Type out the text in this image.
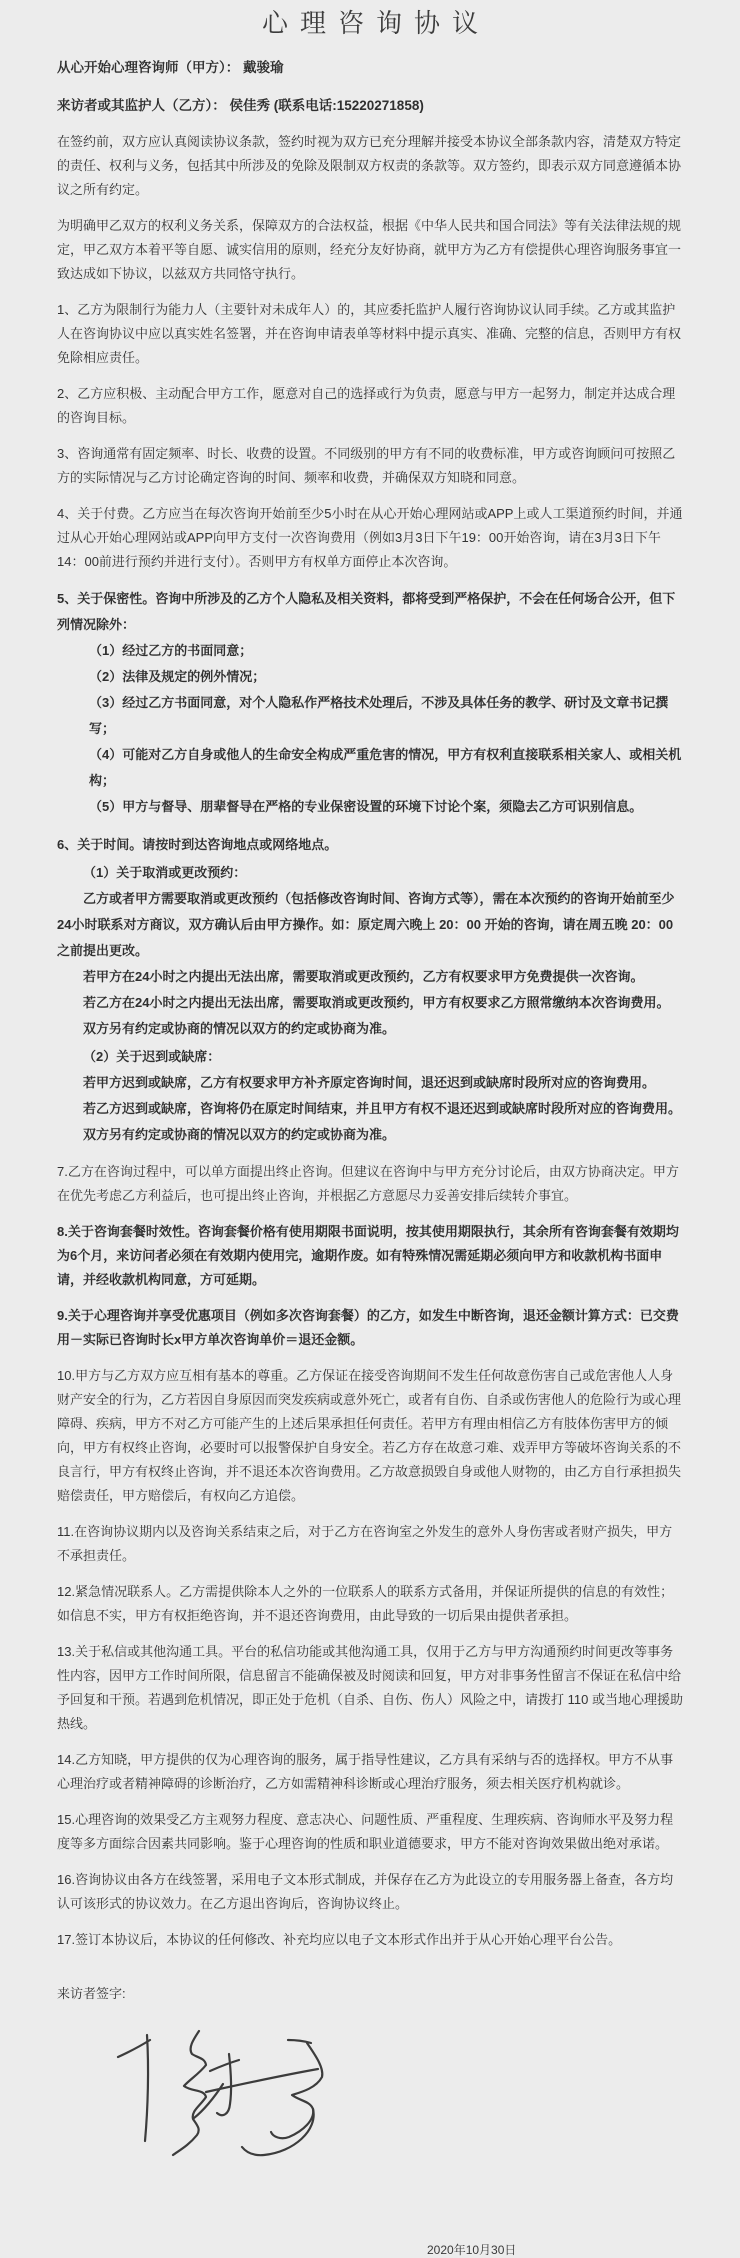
心理咨询协议

从心开始心理咨询师（甲方）： 戴骏瑜

来访者或其监护人（乙方）： 侯佳秀 (联系电话:15220271858)

在签约前，双方应认真阅读协议条款，签约时视为双方已充分理解并接受本协议全部条款内容，清楚双方特定的责任、权利与义务，包括其中所涉及的免除及限制双方权责的条款等。双方签约，即表示双方同意遵循本协议之所有约定。

为明确甲乙双方的权利义务关系，保障双方的合法权益，根据《中华人民共和国合同法》等有关法律法规的规定，甲乙双方本着平等自愿、诚实信用的原则，经充分友好协商，就甲方为乙方有偿提供心理咨询服务事宜一致达成如下协议，以兹双方共同恪守执行。

1、乙方为限制行为能力人（主要针对未成年人）的，其应委托监护人履行咨询协议认同手续。乙方或其监护人在咨询协议中应以真实姓名签署，并在咨询申请表单等材料中提示真实、准确、完整的信息，否则甲方有权免除相应责任。

2、乙方应积极、主动配合甲方工作，愿意对自己的选择或行为负责，愿意与甲方一起努力，制定并达成合理的咨询目标。

3、咨询通常有固定频率、时长、收费的设置。不同级别的甲方有不同的收费标准，甲方或咨询顾问可按照乙方的实际情况与乙方讨论确定咨询的时间、频率和收费，并确保双方知晓和同意。

4、关于付费。乙方应当在每次咨询开始前至少5小时在从心开始心理网站或APP上或人工渠道预约时间，并通过从心开始心理网站或APP向甲方支付一次咨询费用（例如3月3日下午19：00开始咨询，请在3月3日下午14：00前进行预约并进行支付）。否则甲方有权单方面停止本次咨询。

5、关于保密性。咨询中所涉及的乙方个人隐私及相关资料，都将受到严格保护，不会在任何场合公开，但下列情况除外：

（1）经过乙方的书面同意；
（2）法律及规定的例外情况；
（3）经过乙方书面同意，对个人隐私作严格技术处理后，不涉及具体任务的教学、研讨及文章书记撰写；
（4）可能对乙方自身或他人的生命安全构成严重危害的情况，甲方有权利直接联系相关家人、或相关机构；
（5）甲方与督导、朋辈督导在严格的专业保密设置的环境下讨论个案，须隐去乙方可识别信息。

6、关于时间。请按时到达咨询地点或网络地点。

（1）关于取消或更改预约：

乙方或者甲方需要取消或更改预约（包括修改咨询时间、咨询方式等），需在本次预约的咨询开始前至少24小时联系对方商议，双方确认后由甲方操作。如：原定周六晚上 20：00 开始的咨询，请在周五晚 20：00 之前提出更改。

若甲方在24小时之内提出无法出席，需要取消或更改预约，乙方有权要求甲方免费提供一次咨询。

若乙方在24小时之内提出无法出席，需要取消或更改预约，甲方有权要求乙方照常缴纳本次咨询费用。

双方另有约定或协商的情况以双方的约定或协商为准。

（2）关于迟到或缺席：

若甲方迟到或缺席，乙方有权要求甲方补齐原定咨询时间，退还迟到或缺席时段所对应的咨询费用。

若乙方迟到或缺席，咨询将仍在原定时间结束，并且甲方有权不退还迟到或缺席时段所对应的咨询费用。

双方另有约定或协商的情况以双方的约定或协商为准。

7.乙方在咨询过程中，可以单方面提出终止咨询。但建议在咨询中与甲方充分讨论后，由双方协商决定。甲方在优先考虑乙方利益后，也可提出终止咨询，并根据乙方意愿尽力妥善安排后续转介事宜。

8.关于咨询套餐时效性。咨询套餐价格有使用期限书面说明，按其使用期限执行，其余所有咨询套餐有效期均为6个月，来访问者必须在有效期内使用完，逾期作废。如有特殊情况需延期必须向甲方和收款机构书面申请，并经收款机构同意，方可延期。

9.关于心理咨询并享受优惠项目（例如多次咨询套餐）的乙方，如发生中断咨询，退还金额计算方式：已交费用－实际已咨询时长x甲方单次咨询单价＝退还金额。

10.甲方与乙方双方应互相有基本的尊重。乙方保证在接受咨询期间不发生任何故意伤害自己或危害他人人身财产安全的行为，乙方若因自身原因而突发疾病或意外死亡，或者有自伤、自杀或伤害他人的危险行为或心理障碍、疾病，甲方不对乙方可能产生的上述后果承担任何责任。若甲方有理由相信乙方有肢体伤害甲方的倾向，甲方有权终止咨询，必要时可以报警保护自身安全。若乙方存在故意刁难、戏弄甲方等破坏咨询关系的不良言行，甲方有权终止咨询，并不退还本次咨询费用。乙方故意损毁自身或他人财物的，由乙方自行承担损失赔偿责任，甲方赔偿后，有权向乙方追偿。

11.在咨询协议期内以及咨询关系结束之后，对于乙方在咨询室之外发生的意外人身伤害或者财产损失，甲方不承担责任。

12.紧急情况联系人。乙方需提供除本人之外的一位联系人的联系方式备用，并保证所提供的信息的有效性；如信息不实，甲方有权拒绝咨询，并不退还咨询费用，由此导致的一切后果由提供者承担。

13.关于私信或其他沟通工具。平台的私信功能或其他沟通工具，仅用于乙方与甲方沟通预约时间更改等事务性内容，因甲方工作时间所限，信息留言不能确保被及时阅读和回复，甲方对非事务性留言不保证在私信中给予回复和干预。若遇到危机情况，即正处于危机（自杀、自伤、伤人）风险之中，请拨打 110 或当地心理援助热线。

14.乙方知晓，甲方提供的仅为心理咨询的服务，属于指导性建议，乙方具有采纳与否的选择权。甲方不从事心理治疗或者精神障碍的诊断治疗，乙方如需精神科诊断或心理治疗服务，须去相关医疗机构就诊。

15.心理咨询的效果受乙方主观努力程度、意志决心、问题性质、严重程度、生理疾病、咨询师水平及努力程度等多方面综合因素共同影响。鉴于心理咨询的性质和职业道德要求，甲方不能对咨询效果做出绝对承诺。

16.咨询协议由各方在线签署，采用电子文本形式制成，并保存在乙方为此设立的专用服务器上备查，各方均认可该形式的协议效力。在乙方退出咨询后，咨询协议终止。

17.签订本协议后，本协议的任何修改、补充均应以电子文本形式作出并于从心开始心理平台公告。

来访者签字:

2020年10月30日
